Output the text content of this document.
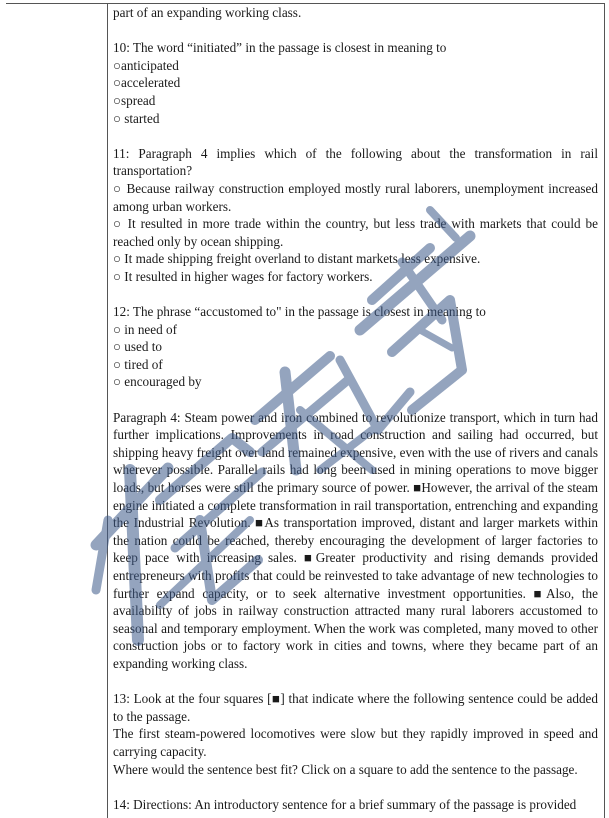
part of an expanding working class.
10: The word “initiated” in the passage is closest in meaning to
○anticipated
○accelerated
○spread
○ started
11: Paragraph 4 implies which of the following about the transformation in rail transportation?
○ Because railway construction employed mostly rural laborers, unemployment increased among urban workers.
○ It resulted in more trade within the country, but less trade with markets that could be reached only by ocean shipping.
○ It made shipping freight overland to distant markets less expensive.
○ It resulted in higher wages for factory workers.
12: The phrase “accustomed to" in the passage is closest in meaning to
○ in need of
○ used to
○ tired of
○ encouraged by
Paragraph 4: Steam power and iron combined to revolutionize transport, which in turn had further implications. Improvements in road construction and sailing had occurred, but shipping heavy freight over land remained expensive, even with the use of rivers and canals wherever possible. Parallel rails had long been used in mining operations to move bigger loads, but horses were still the primary source of power. ■However, the arrival of the steam engine initiated a complete transformation in rail transportation, entrenching and expanding the Industrial Revolution. ■As transportation improved, distant and larger markets within the nation could be reached, thereby encouraging the development of larger factories to keep pace with increasing sales. ■Greater productivity and rising demands provided entrepreneurs with profits that could be reinvested to take advantage of new technologies to further expand capacity, or to seek alternative investment opportunities. ■Also, the availability of jobs in railway construction attracted many rural laborers accustomed to seasonal and temporary employment. When the work was completed, many moved to other construction jobs or to factory work in cities and towns, where they became part of an expanding working class.
13: Look at the four squares [■] that indicate where the following sentence could be added to the passage.
The first steam-powered locomotives were slow but they rapidly improved in speed and carrying capacity.
Where would the sentence best fit? Click on a square to add the sentence to the passage.
14: Directions: An introductory sentence for a brief summary of the passage is provided
